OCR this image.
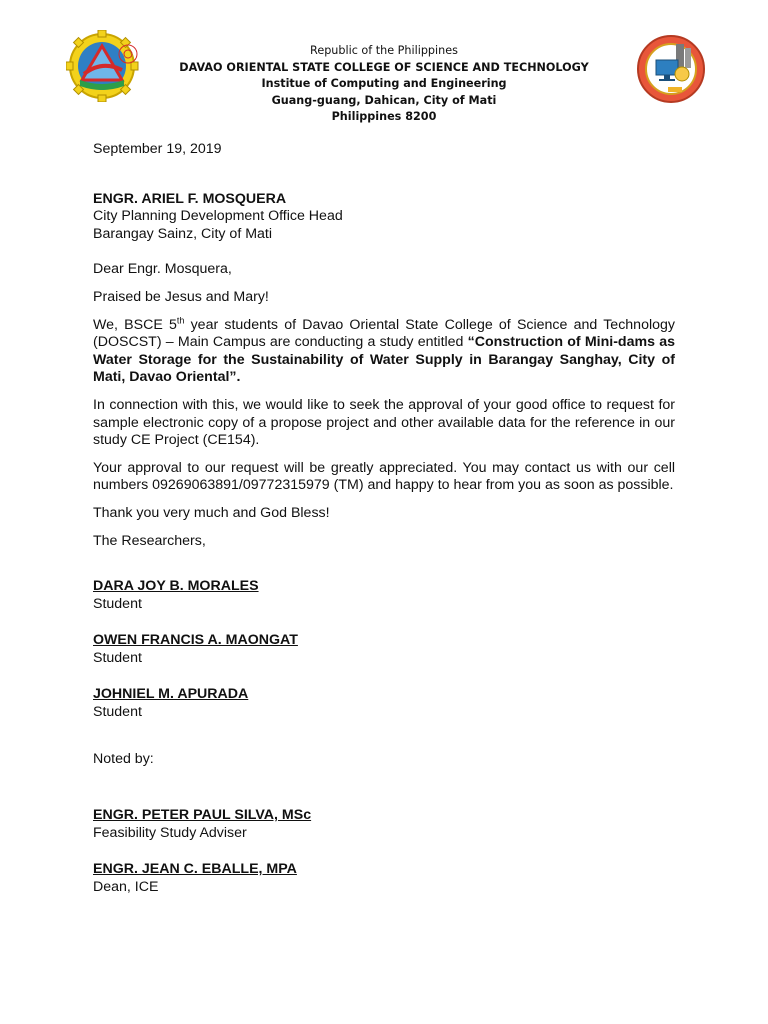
Republic of the Philippines
DAVAO ORIENTAL STATE COLLEGE OF SCIENCE AND TECHNOLOGY
Institue of Computing and Engineering
Guang-guang, Dahican, City of Mati
Philippines 8200

September 19, 2019

ENGR. ARIEL F. MOSQUERA

City Planning Development Office Head

Barangay Sainz, City of Mati

Dear Engr. Mosquera,

Praised be Jesus and Mary!

We, BSCE 5th year students of Davao Oriental State College of Science and Technology (DOSCST) – Main Campus are conducting a study entitled “Construction of Mini-dams as Water Storage for the Sustainability of Water Supply in Barangay Sanghay, City of Mati, Davao Oriental”.

In connection with this, we would like to seek the approval of your good office to request for sample electronic copy of a propose project and other available data for the reference in our study CE Project (CE154).

Your approval to our request will be greatly appreciated. You may contact us with our cell numbers 09269063891/09772315979 (TM) and happy to hear from you as soon as possible.

Thank you very much and God Bless!

The Researchers,

DARA JOY B. MORALES

Student

OWEN FRANCIS A. MAONGAT

Student

JOHNIEL M. APURADA

Student

Noted by:

ENGR. PETER PAUL SILVA, MSc

Feasibility Study Adviser

ENGR. JEAN C. EBALLE, MPA

Dean, ICE
